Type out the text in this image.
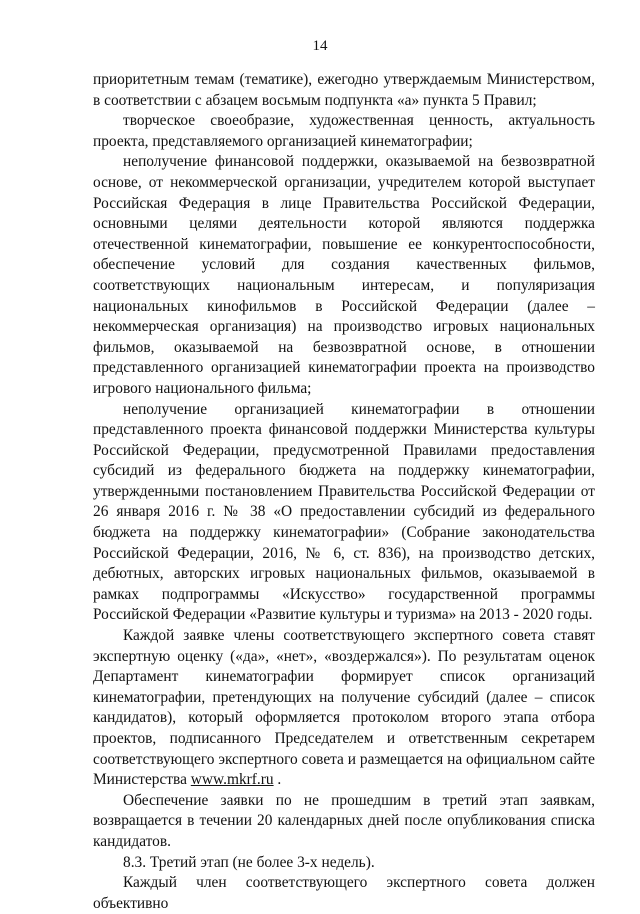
14

приоритетным темам (тематике), ежегодно утверждаемым Министерством, в соответствии с абзацем восьмым подпункта «а» пункта 5 Правил;

творческое своеобразие, художественная ценность, актуальность проекта, представляемого организацией кинематографии;

неполучение финансовой поддержки, оказываемой на безвозвратной основе, от некоммерческой организации, учредителем которой выступает Российская Федерация в лице Правительства Российской Федерации, основными целями деятельности которой являются поддержка отечественной кинематографии, повышение ее конкурентоспособности, обеспечение условий для создания качественных фильмов, соответствующих национальным интересам, и популяризация национальных кинофильмов в Российской Федерации (далее – некоммерческая организация) на производство игровых национальных фильмов, оказываемой на безвозвратной основе, в отношении представленного организацией кинематографии проекта на производство игрового национального фильма;

неполучение организацией кинематографии в отношении представленного проекта финансовой поддержки Министерства культуры Российской Федерации, предусмотренной Правилами предоставления субсидий из федерального бюджета на поддержку кинематографии, утвержденными постановлением Правительства Российской Федерации от 26 января 2016 г. № 38 «О предоставлении субсидий из федерального бюджета на поддержку кинематографии» (Собрание законодательства Российской Федерации, 2016, № 6, ст. 836), на производство детских, дебютных, авторских игровых национальных фильмов, оказываемой в рамках подпрограммы «Искусство» государственной программы Российской Федерации «Развитие культуры и туризма» на 2013 - 2020 годы.

Каждой заявке члены соответствующего экспертного совета ставят экспертную оценку («да», «нет», «воздержался»). По результатам оценок Департамент кинематографии формирует список организаций кинематографии, претендующих на получение субсидий (далее – список кандидатов), который оформляется протоколом второго этапа отбора проектов, подписанного Председателем и ответственным секретарем соответствующего экспертного совета и размещается на официальном сайте Министерства www.mkrf.ru .

Обеспечение заявки по не прошедшим в третий этап заявкам, возвращается в течении 20 календарных дней после опубликования списка кандидатов.

8.3. Третий этап (не более 3-х недель).

Каждый член соответствующего экспертного совета должен объективно
